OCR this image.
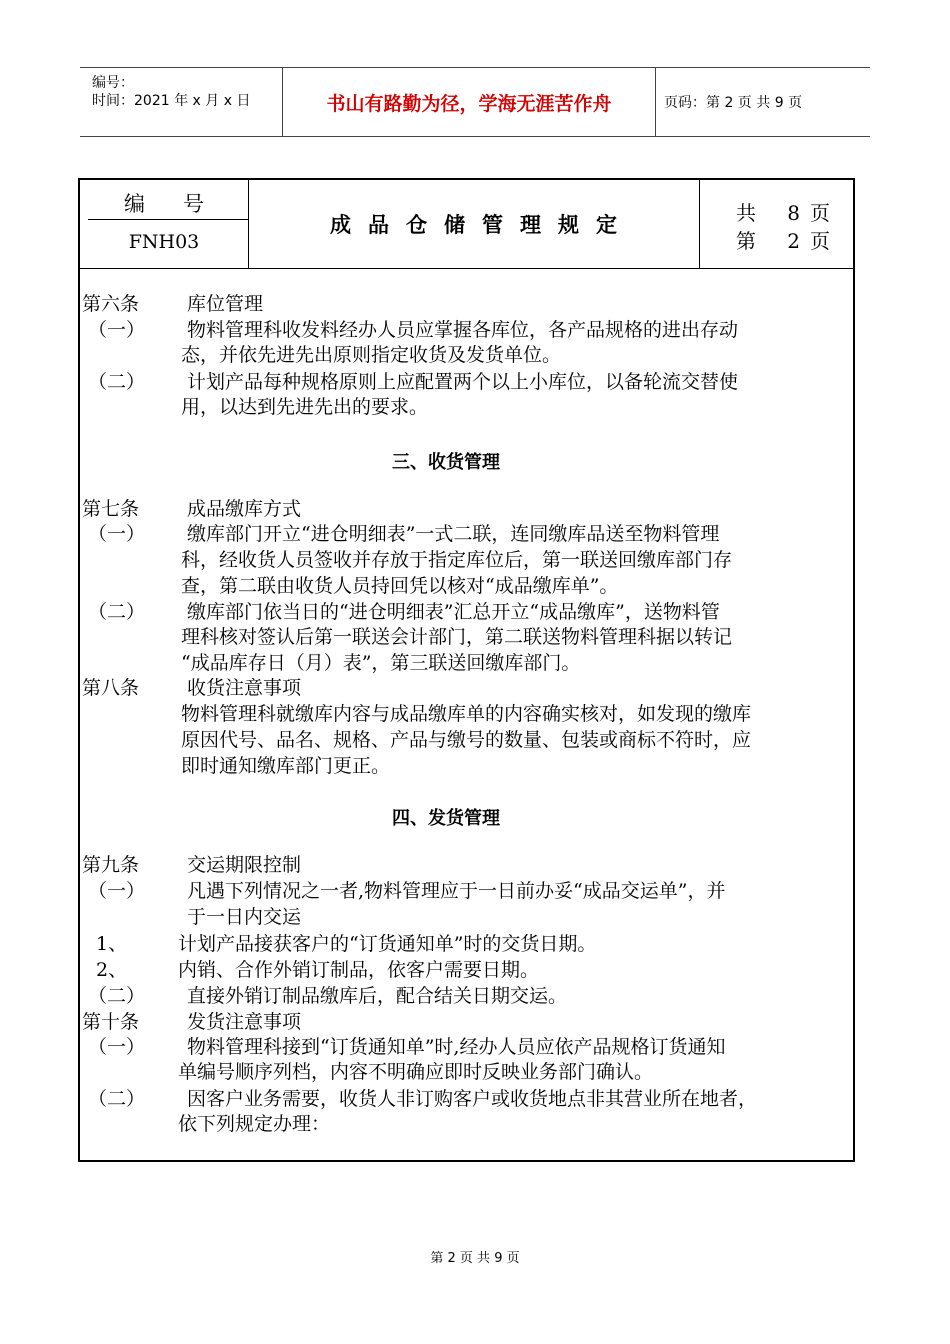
编号：
时间：2021 年 x 月 x 日	书山有路勤为径，学海无涯苦作舟	页码：第 2 页 共 9 页
编号
FNH03
成品仓储管理规定	共 8 页
第 2 页
第六条	库位管理
（一） 物料管理科收发料经办人员应掌握各库位，各产品规格的进出存动
态，并依先进先出原则指定收货及发货单位。
（二） 计划产品每种规格原则上应配置两个以上小库位，以备轮流交替使
用，以达到先进先出的要求。
三、收货管理
第七条	成品缴库方式
（一） 缴库部门开立“进仓明细表”一式二联，连同缴库品送至物料管理
科，经收货人员签收并存放于指定库位后，第一联送回缴库部门存
查，第二联由收货人员持回凭以核对“成品缴库单”。
（二） 缴库部门依当日的“进仓明细表”汇总开立“成品缴库”，送物料管
理科核对签认后第一联送会计部门，第二联送物料管理科据以转记
“成品库存日（月）表”，第三联送回缴库部门。
第八条	收货注意事项
物料管理科就缴库内容与成品缴库单的内容确实核对，如发现的缴库
原因代号、品名、规格、产品与缴号的数量、包装或商标不符时，应
即时通知缴库部门更正。
四、发货管理
第九条	交运期限控制
（一） 凡遇下列情况之一者,物料管理应于一日前办妥“成品交运单”，并
于一日内交运
1、	计划产品接获客户的“订货通知单”时的交货日期。
2、	内销、合作外销订制品，依客户需要日期。
（二） 直接外销订制品缴库后，配合结关日期交运。
第十条	发货注意事项
（一） 物料管理科接到“订货通知单”时,经办人员应依产品规格订货通知
单编号顺序列档，内容不明确应即时反映业务部门确认。
（二） 因客户业务需要，收货人非订购客户或收货地点非其营业所在地者，
依下列规定办理：
第 2 页 共 9 页
